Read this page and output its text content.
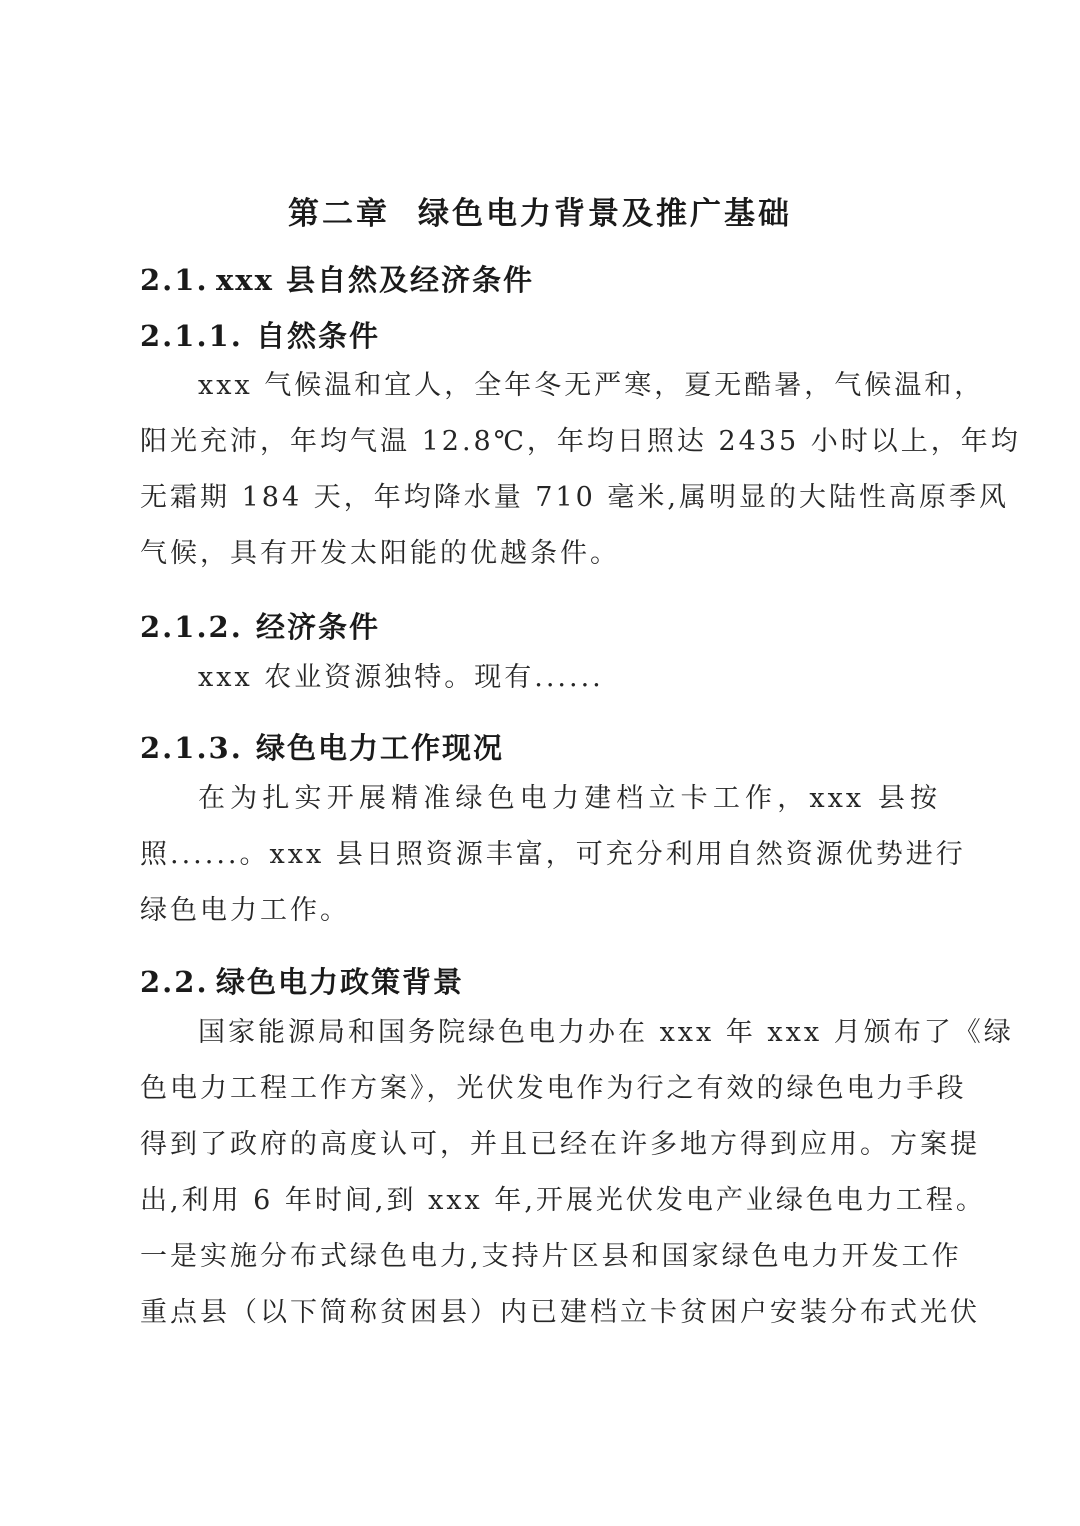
第二章 绿色电力背景及推广基础
2.1. xxx 县自然及经济条件
2.1.1. 自然条件
xxx 气候温和宜人，全年冬无严寒，夏无酷暑，气候温和，
阳光充沛，年均气温 12.8℃，年均日照达 2435 小时以上，年均
无霜期 184 天，年均降水量 710 毫米,属明显的大陆性高原季风
气候，具有开发太阳能的优越条件。
2.1.2. 经济条件
xxx 农业资源独特。现有......
2.1.3. 绿色电力工作现况
在为扎实开展精准绿色电力建档立卡工作，xxx 县按
照......。xxx 县日照资源丰富，可充分利用自然资源优势进行
绿色电力工作。
2.2. 绿色电力政策背景
国家能源局和国务院绿色电力办在 xxx 年 xxx 月颁布了《绿
色电力工程工作方案》，光伏发电作为行之有效的绿色电力手段
得到了政府的高度认可，并且已经在许多地方得到应用。方案提
出,利用 6 年时间,到 xxx 年,开展光伏发电产业绿色电力工程。
一是实施分布式绿色电力,支持片区县和国家绿色电力开发工作
重点县（以下简称贫困县）内已建档立卡贫困户安装分布式光伏
